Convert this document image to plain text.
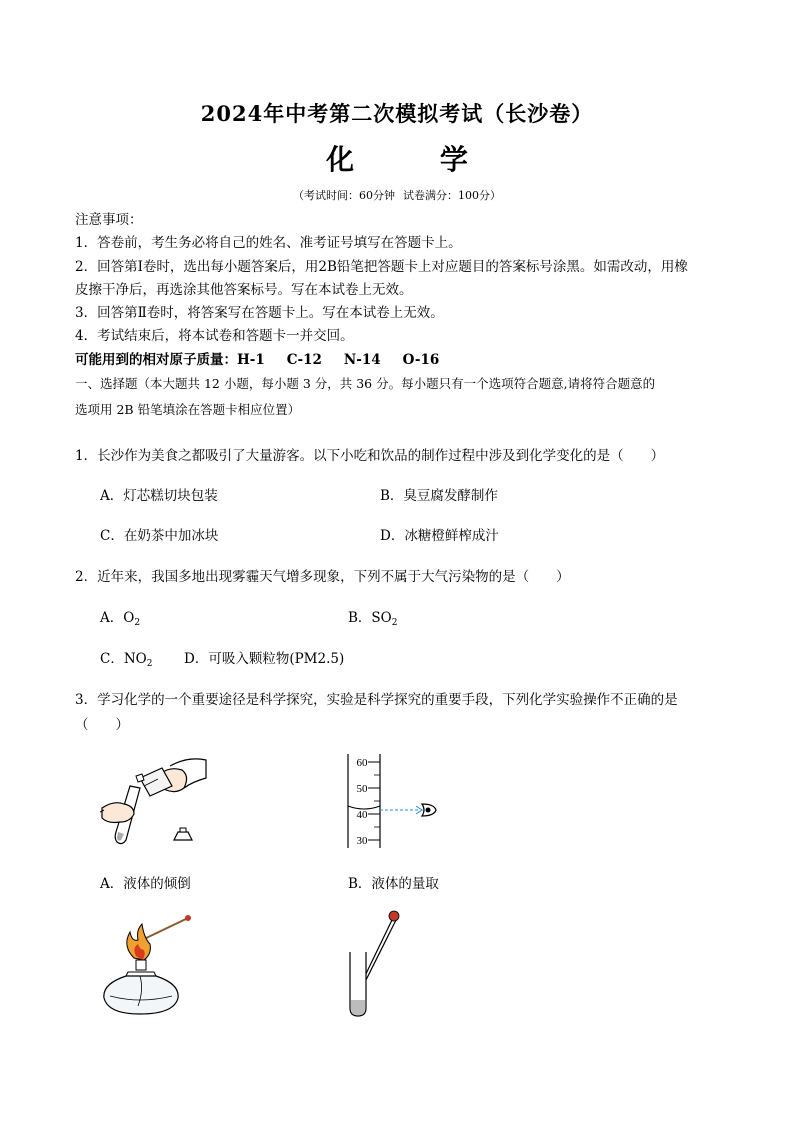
2024年中考第二次模拟考试（长沙卷）
化 学
（考试时间：60分钟 试卷满分：100分）
注意事项：
1．答卷前，考生务必将自己的姓名、准考证号填写在答题卡上。
2．回答第Ⅰ卷时，选出每小题答案后，用2B铅笔把答题卡上对应题目的答案标号涂黑。如需改动，用橡
皮擦干净后，再选涂其他答案标号。写在本试卷上无效。
3．回答第Ⅱ卷时，将答案写在答题卡上。写在本试卷上无效。
4．考试结束后，将本试卷和答题卡一并交回。
可能用到的相对原子质量：H-1 C-12 N-14 O-16
一、选择题（本大题共 12 小题，每小题 3 分，共 36 分。每小题只有一个选项符合题意,请将符合题意的
选项用 2B 铅笔填涂在答题卡相应位置）
1．长沙作为美食之都吸引了大量游客。以下小吃和饮品的制作过程中涉及到化学变化的是（　　）
A．灯芯糕切块包装	B．臭豆腐发酵制作
C．在奶茶中加冰块	D．冰糖橙鲜榨成汁
2．近年来，我国多地出现雾霾天气增多现象，下列不属于大气污染物的是（　　）
A．$O_2$	B．$SO_2$
C．$NO_2$ D．可吸入颗粒物(PM2.5)
3．学习化学的一个重要途径是科学探究，实验是科学探究的重要手段，下列化学实验操作不正确的是
（　　）
60
50
40
30
A．液体的倾倒	B．液体的量取
